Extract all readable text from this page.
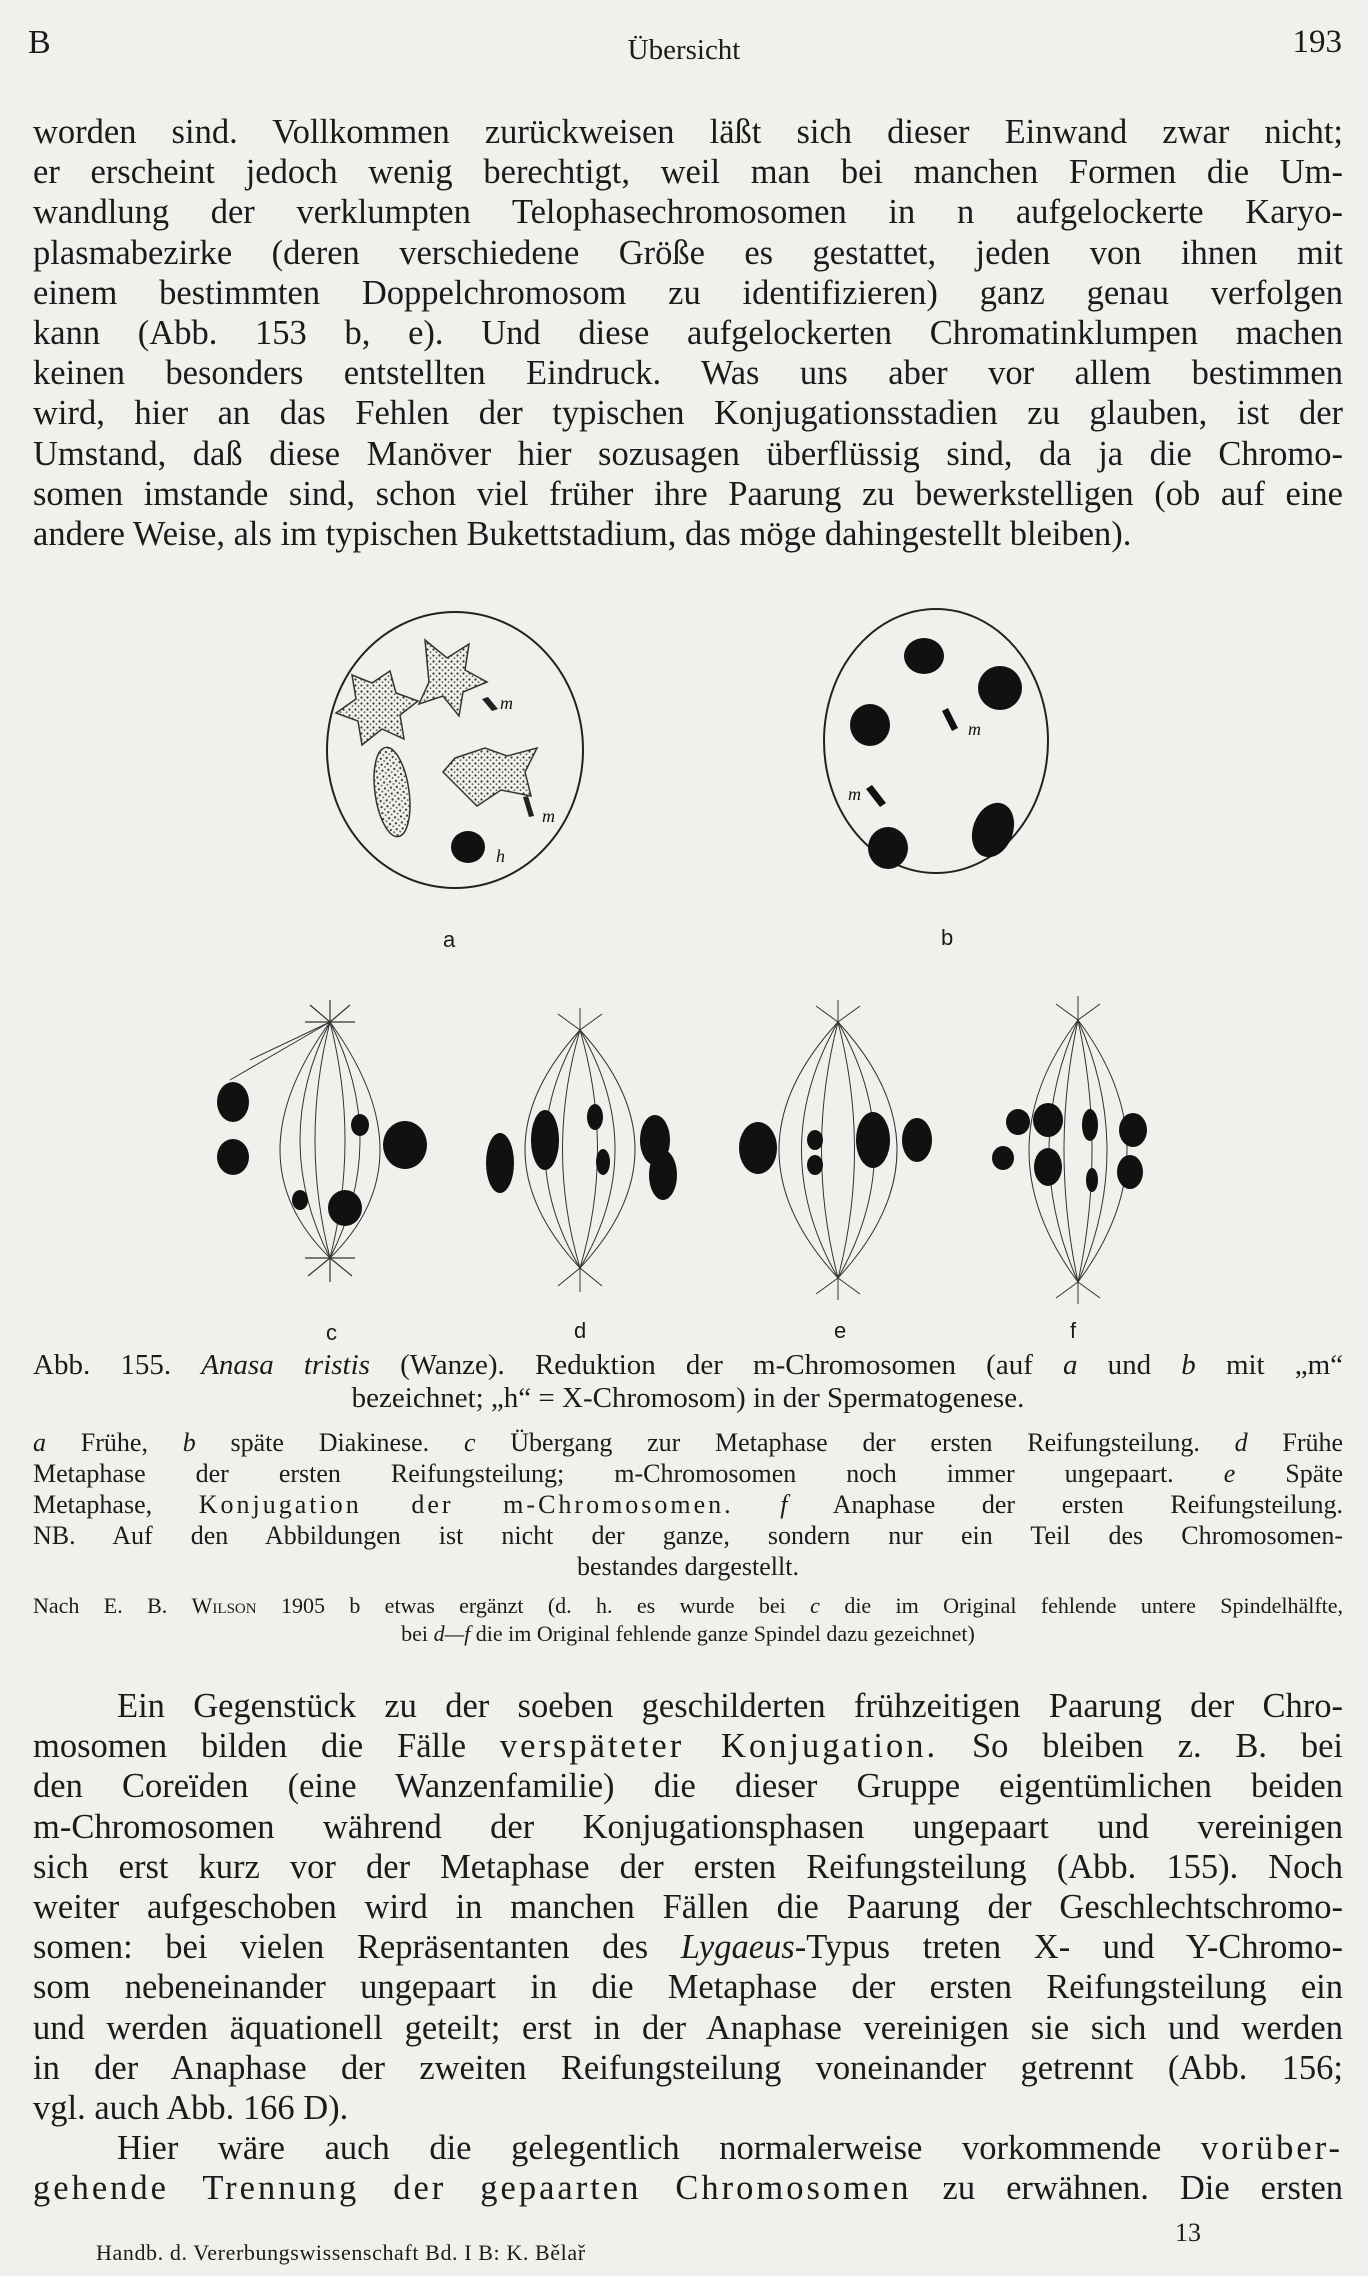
B	Übersicht	193
worden sind. Vollkommen zurückweisen läßt sich dieser Einwand zwar nicht;
er erscheint jedoch wenig berechtigt, weil man bei manchen Formen die Um-
wandlung der verklumpten Telophasechromosomen in n aufgelockerte Karyo-
plasmabezirke (deren verschiedene Größe es gestattet, jeden von ihnen mit
einem bestimmten Doppelchromosom zu identifizieren) ganz genau verfolgen
kann (Abb. 153 b, e). Und diese aufgelockerten Chromatinklumpen machen
keinen besonders entstellten Eindruck. Was uns aber vor allem bestimmen
wird, hier an das Fehlen der typischen Konjugationsstadien zu glauben, ist der
Umstand, daß diese Manöver hier sozusagen überflüssig sind, da ja die Chromo-
somen imstande sind, schon viel früher ihre Paarung zu bewerkstelligen (ob auf eine
andere Weise, als im typischen Bukettstadium, das möge dahingestellt bleiben).
m
m
h
m
m
a	b
c	d	e	f
Abb. 155. Anasa tristis (Wanze). Reduktion der m-Chromosomen (auf a und b mit „m“
bezeichnet; „h“ = X-Chromosom) in der Spermatogenese.
a Frühe, b späte Diakinese. c Übergang zur Metaphase der ersten Reifungsteilung. d Frühe
Metaphase der ersten Reifungsteilung; m-Chromosomen noch immer ungepaart. e Späte
Metaphase, Konjugation der m-Chromosomen. f Anaphase der ersten Reifungsteilung.
NB. Auf den Abbildungen ist nicht der ganze, sondern nur ein Teil des Chromosomen-
bestandes dargestellt.
Nach E. B. Wilson 1905 b etwas ergänzt (d. h. es wurde bei c die im Original fehlende untere Spindelhälfte,
bei d—f die im Original fehlende ganze Spindel dazu gezeichnet)
Ein Gegenstück zu der soeben geschilderten frühzeitigen Paarung der Chro-
mosomen bilden die Fälle verspäteter Konjugation. So bleiben z. B. bei
den Coreïden (eine Wanzenfamilie) die dieser Gruppe eigentümlichen beiden
m-Chromosomen während der Konjugationsphasen ungepaart und vereinigen
sich erst kurz vor der Metaphase der ersten Reifungsteilung (Abb. 155). Noch
weiter aufgeschoben wird in manchen Fällen die Paarung der Geschlechtschromo-
somen: bei vielen Repräsentanten des Lygaeus-Typus treten X- und Y-Chromo-
som nebeneinander ungepaart in die Metaphase der ersten Reifungsteilung ein
und werden äquationell geteilt; erst in der Anaphase vereinigen sie sich und werden
in der Anaphase der zweiten Reifungsteilung voneinander getrennt (Abb. 156;
vgl. auch Abb. 166 D).
Hier wäre auch die gelegentlich normalerweise vorkommende vorüber-
gehende Trennung der gepaarten Chromosomen zu erwähnen. Die ersten
Handb. d. Vererbungswissenschaft Bd. I B: K. Bělař
13
